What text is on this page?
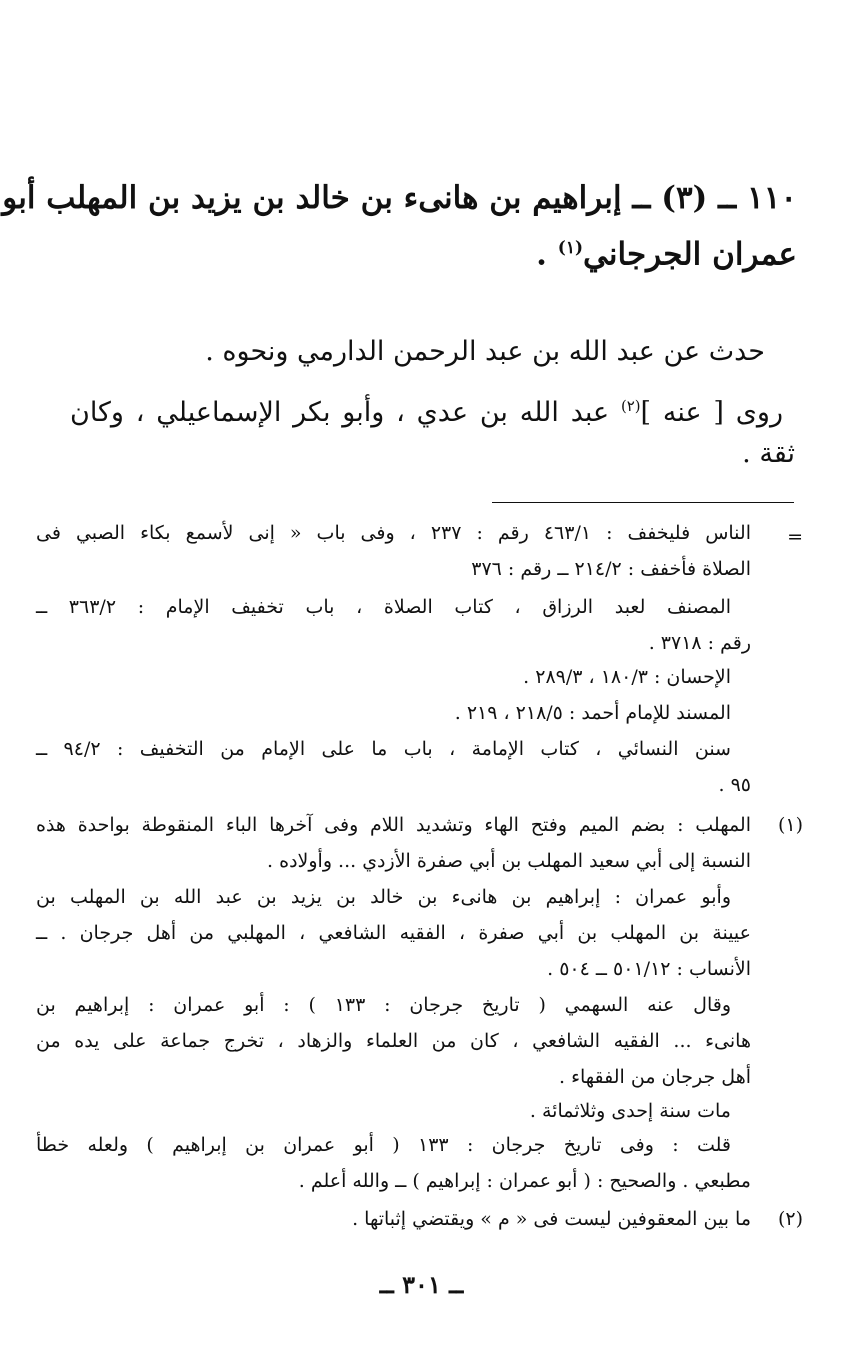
١١٠ ــ (٣) ــ إبراهيم بن هانىء بن خالد بن يزيد بن المهلب أبو
عمران الجرجاني$^{(١)}$ .
حدث عن عبد الله بن عبد الرحمن الدارمي ونحوه .
روى [ عنه ]$^{(٢)}$ عبد الله بن عدي ، وأبو بكر الإسماعيلي ، وكان
ثقة .
=
الناس فليخفف : ٤٦٣/١ رقم : ٢٣٧ ، وفى باب « إنى لأسمع بكاء الصبي فى
الصلاة فأخفف : ٢١٤/٢ ــ رقم : ٣٧٦
المصنف لعبد الرزاق ، كتاب الصلاة ، باب تخفيف الإمام : ٣٦٣/٢ ــ
رقم : ٣٧١٨ .
الإحسان : ١٨٠/٣ ، ٢٨٩/٣ .
المسند للإمام أحمد : ٢١٨/٥ ، ٢١٩ .
سنن النسائي ، كتاب الإمامة ، باب ما على الإمام من التخفيف : ٩٤/٢ ــ
٩٥ .
(١)
المهلب : بضم الميم وفتح الهاء وتشديد اللام وفى آخرها الباء المنقوطة بواحدة هذه
النسبة إلى أبي سعيد المهلب بن أبي صفرة الأزدي ... وأولاده .
وأبو عمران : إبراهيم بن هانىء بن خالد بن يزيد بن عبد الله بن المهلب بن
عيينة بن المهلب بن أبي صفرة ، الفقيه الشافعي ، المهلبي من أهل جرجان . ــ
الأنساب : ٥٠١/١٢ ــ ٥٠٤ .
وقال عنه السهمي ( تاريخ جرجان : ١٣٣ ) : أبو عمران : إبراهيم بن
هانىء ... الفقيه الشافعي ، كان من العلماء والزهاد ، تخرج جماعة على يده من
أهل جرجان من الفقهاء .
مات سنة إحدى وثلاثمائة .
قلت : وفى تاريخ جرجان : ١٣٣ ( أبو عمران بن إبراهيم ) ولعله خطأ
مطبعي . والصحيح : ( أبو عمران : إبراهيم ) ــ والله أعلم .
(٢)
ما بين المعقوفين ليست فى « م » ويقتضي إثباتها .
ــ ٣٠١ ــ
